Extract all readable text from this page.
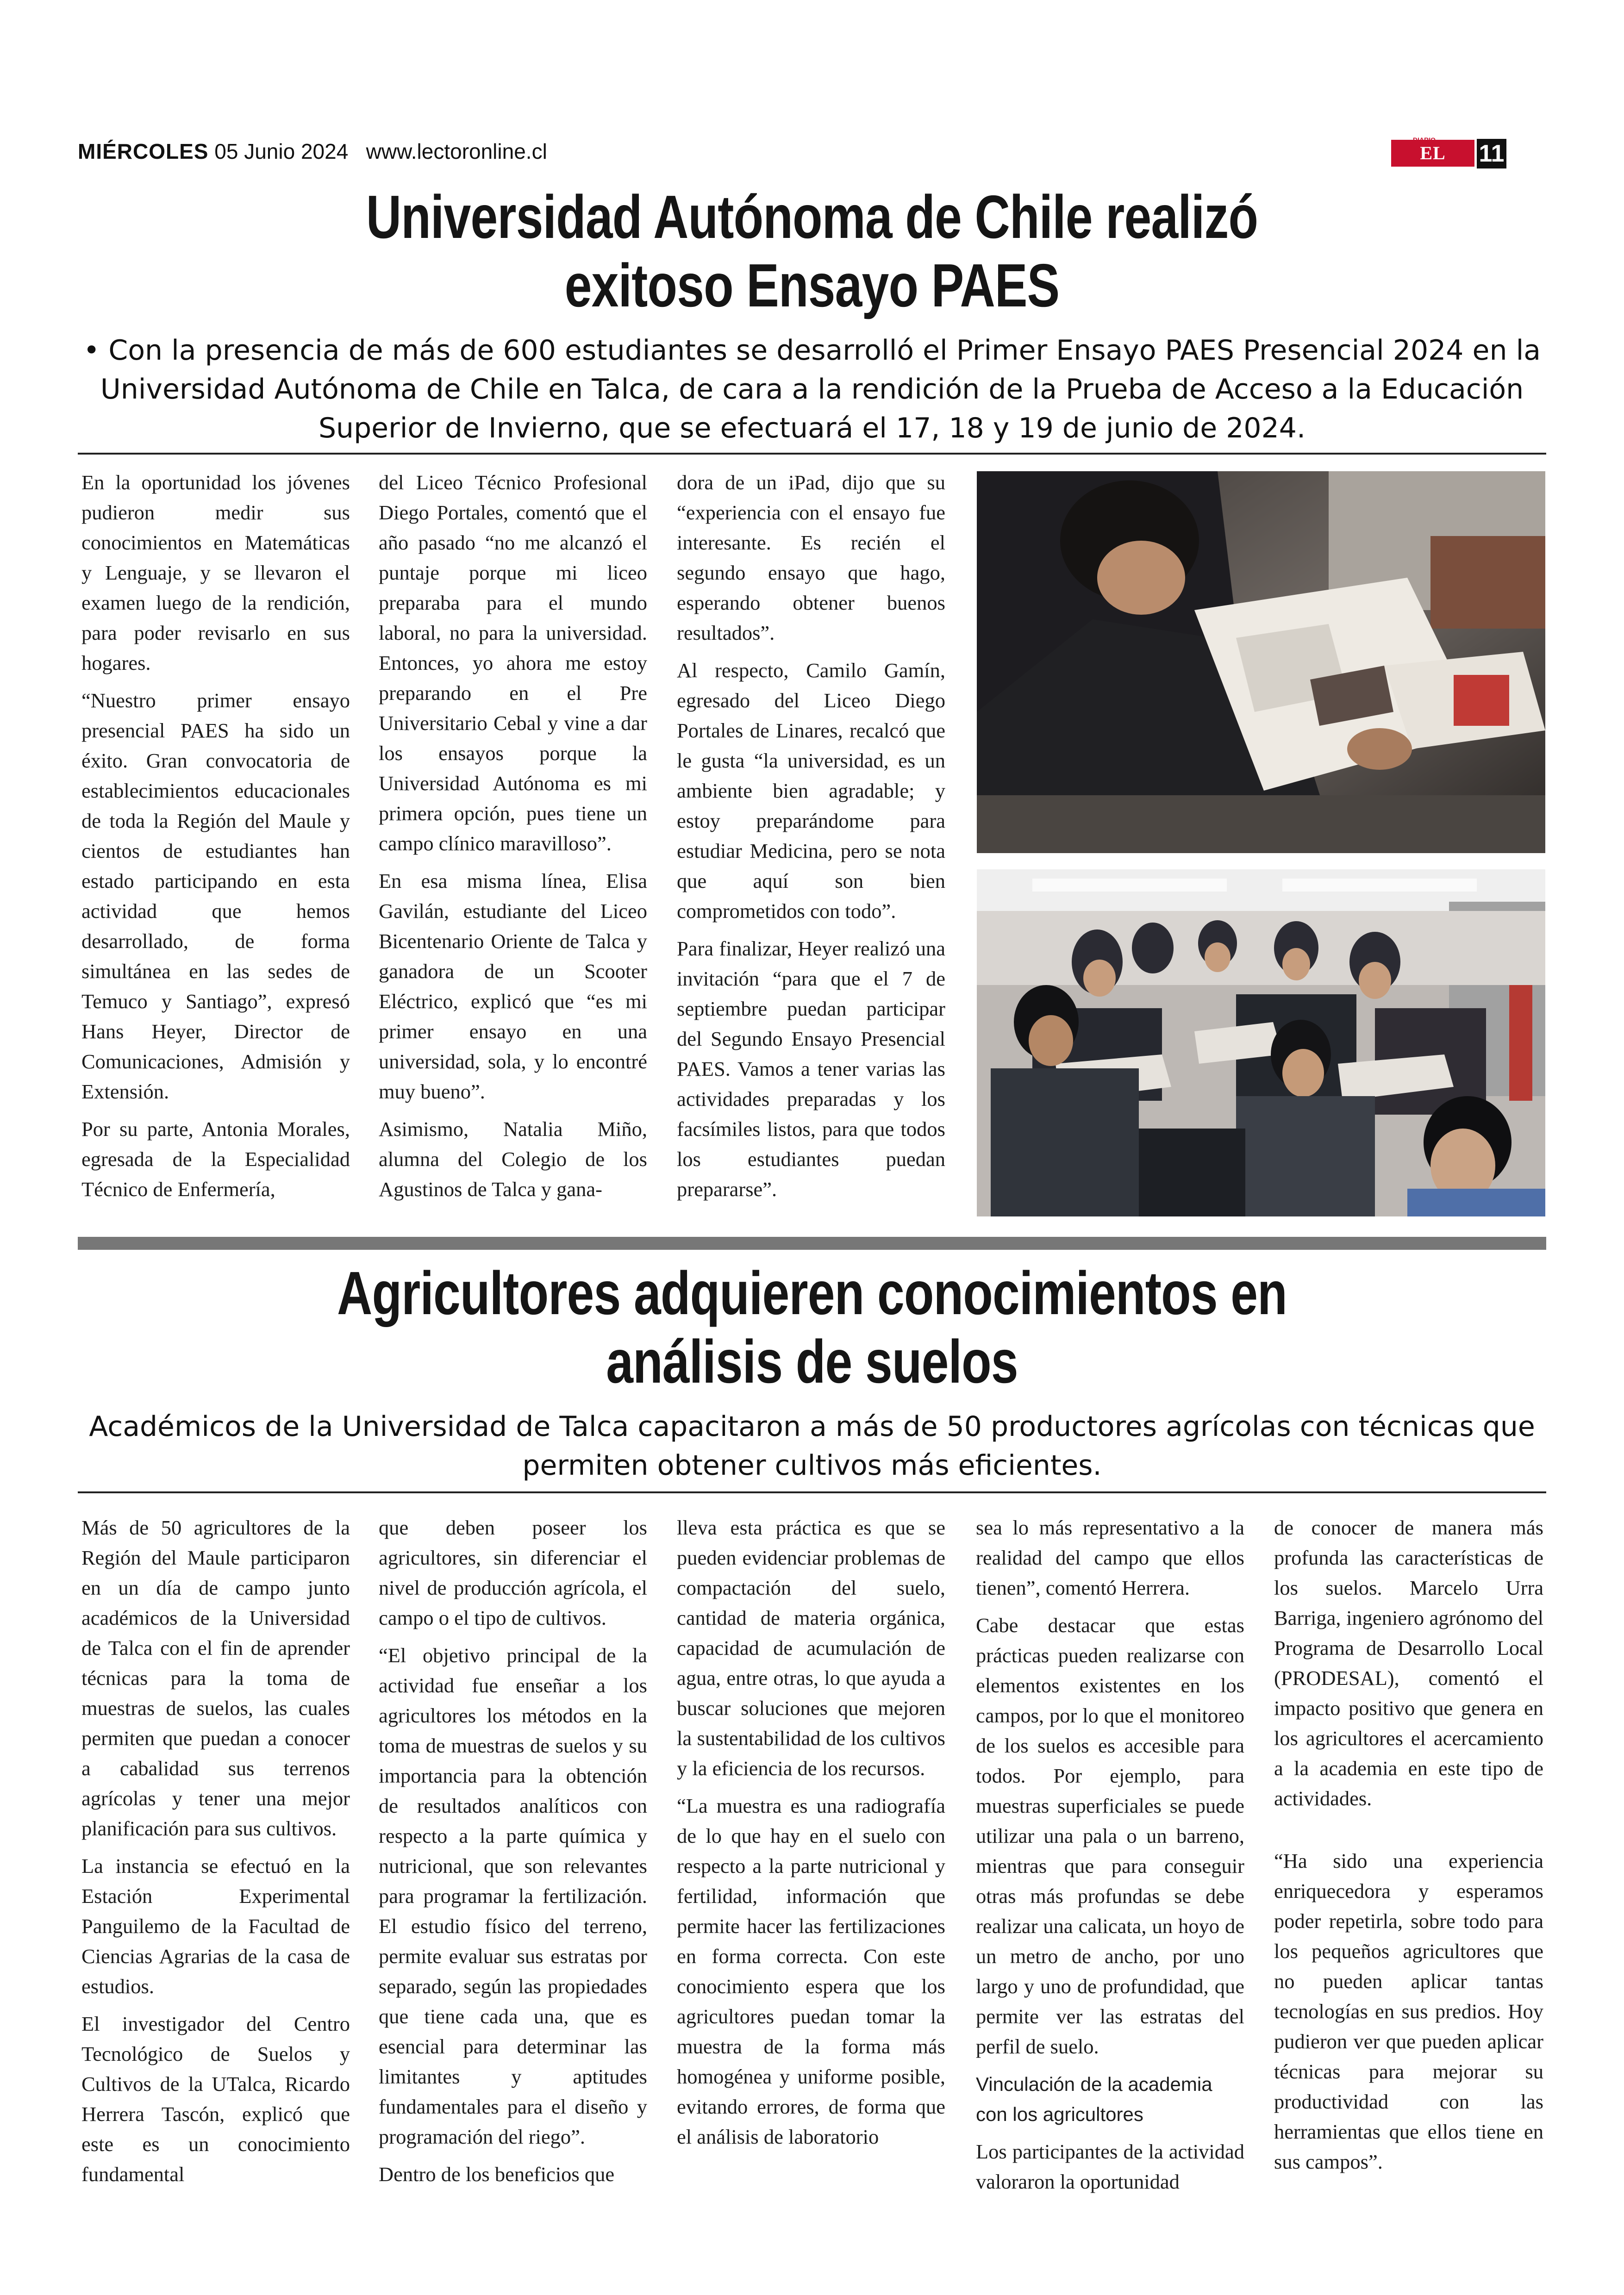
MIÉRCOLES 05 Junio 2024 www.lectoronline.cl	EL LECTOR
11
Universidad Autónoma de Chile realizó
exitoso Ensayo PAES
• Con la presencia de más de 600 estudiantes se desarrolló el Primer Ensayo PAES Presencial 2024 en la Universidad Autónoma de Chile en Talca, de cara a la rendición de la Prueba de Acceso a la Educación Superior de Invierno, que se efectuará el 17, 18 y 19 de junio de 2024.

En la oportunidad los jóvenes pudieron medir sus conocimientos en Matemáticas y Lenguaje, y se llevaron el examen luego de la rendición, para poder revisarlo en sus hogares.

“Nuestro primer ensayo presencial PAES ha sido un éxito. Gran convocatoria de establecimientos educacionales de toda la Región del Maule y cientos de estudiantes han estado participando en esta actividad que hemos desarrollado, de forma simultánea en las sedes de Temuco y Santiago”, expresó Hans Heyer, Director de Comunicaciones, Admisión y Extensión.

Por su parte, Antonia Morales, egresada de la Especialidad Técnico de Enfermería,

del Liceo Técnico Profesional Diego Portales, comentó que el año pasado “no me alcanzó el puntaje porque mi liceo preparaba para el mundo laboral, no para la universidad. Entonces, yo ahora me estoy preparando en el Pre Universitario Cebal y vine a dar los ensayos porque la Universidad Autónoma es mi primera opción, pues tiene un campo clínico maravilloso”.

En esa misma línea, Elisa Gavilán, estudiante del Liceo Bicentenario Oriente de Talca y ganadora de un Scooter Eléctrico, explicó que “es mi primer ensayo en una universidad, sola, y lo encontré muy bueno”.

Asimismo, Natalia Miño, alumna del Colegio de los Agustinos de Talca y gana-

dora de un iPad, dijo que su “experiencia con el ensayo fue interesante. Es recién el segundo ensayo que hago, esperando obtener buenos resultados”.

Al respecto, Camilo Gamín, egresado del Liceo Diego Portales de Linares, recalcó que le gusta “la universidad, es un ambiente bien agradable; y estoy preparándome para estudiar Medicina, pero se nota que aquí son bien comprometidos con todo”.

Para finalizar, Heyer realizó una invitación “para que el 7 de septiembre puedan participar del Segundo Ensayo Presencial PAES. Vamos a tener varias las actividades preparadas y los facsímiles listos, para que todos los estudiantes puedan prepararse”.

Agricultores adquieren conocimientos en
análisis de suelos
Académicos de la Universidad de Talca capacitaron a más de 50 productores agrícolas con técnicas que permiten obtener cultivos más eficientes.

Más de 50 agricultores de la Región del Maule participaron en un día de campo junto académicos de la Universidad de Talca con el fin de aprender técnicas para la toma de muestras de suelos, las cuales permiten que puedan a conocer a cabalidad sus terrenos agrícolas y tener una mejor planificación para sus cultivos.

La instancia se efectuó en la Estación Experimental Panguilemo de la Facultad de Ciencias Agrarias de la casa de estudios.

El investigador del Centro Tecnológico de Suelos y Cultivos de la UTalca, Ricardo Herrera Tascón, explicó que este es un conocimiento fundamental

que deben poseer los agricultores, sin diferenciar el nivel de producción agrícola, el campo o el tipo de cultivos.

“El objetivo principal de la actividad fue enseñar a los agricultores los métodos en la toma de muestras de suelos y su importancia para la obtención de resultados analíticos con respecto a la parte química y nutricional, que son relevantes para programar la fertilización. El estudio físico del terreno, permite evaluar sus estratas por separado, según las propiedades que tiene cada una, que es esencial para determinar las limitantes y aptitudes fundamentales para el diseño y programación del riego”.

Dentro de los beneficios que

lleva esta práctica es que se pueden evidenciar problemas de compactación del suelo, cantidad de materia orgánica, capacidad de acumulación de agua, entre otras, lo que ayuda a buscar soluciones que mejoren la sustentabilidad de los cultivos y la eficiencia de los recursos.

“La muestra es una radiografía de lo que hay en el suelo con respecto a la parte nutricional y fertilidad, información que permite hacer las fertilizaciones en forma correcta. Con este conocimiento espera que los agricultores puedan tomar la muestra de la forma más homogénea y uniforme posible, evitando errores, de forma que el análisis de laboratorio

sea lo más representativo a la realidad del campo que ellos tienen”, comentó Herrera.

Cabe destacar que estas prácticas pueden realizarse con elementos existentes en los campos, por lo que el monitoreo de los suelos es accesible para todos. Por ejemplo, para muestras superficiales se puede utilizar una pala o un barreno, mientras que para conseguir otras más profundas se debe realizar una calicata, un hoyo de un metro de ancho, por uno largo y uno de profundidad, que permite ver las estratas del perfil de suelo.

Vinculación de la academia con los agricultores

Los participantes de la actividad valoraron la oportunidad

de conocer de manera más profunda las características de los suelos. Marcelo Urra Barriga, ingeniero agrónomo del Programa de Desarrollo Local (PRODESAL), comentó el impacto positivo que genera en los agricultores el acercamiento a la academia en este tipo de actividades.

“Ha sido una experiencia enriquecedora y esperamos poder repetirla, sobre todo para los pequeños agricultores que no pueden aplicar tantas tecnologías en sus predios. Hoy pudieron ver que pueden aplicar técnicas para mejorar su productividad con las herramientas que ellos tiene en sus campos”.
